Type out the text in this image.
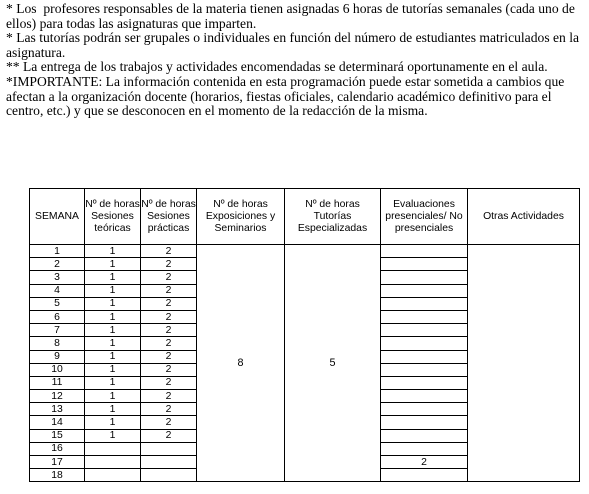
* Los  profesores responsables de la materia tienen asignadas 6 horas de tutorías semanales (cada uno de ellos) para todas las asignaturas que imparten.

* Las tutorías podrán ser grupales o individuales en función del número de estudiantes matriculados en la asignatura.

** La entrega de los trabajos y actividades encomendadas se determinará oportunamente en el aula.

*IMPORTANTE: La información contenida en esta programación puede estar sometida a cambios que afectan a la organización docente (horarios, fiestas oficiales, calendario académico definitivo para el centro, etc.) y que se desconocen en el momento de la redacción de la misma.

SEMANA	Nº de horas Sesiones teóricas	Nº de horas Sesiones prácticas	Nº de horas Exposiciones y Seminarios	Nº de horas Tutorías Especializadas	Evaluaciones presenciales/ No presenciales	Otras Actividades
1	1	2	8	5		
2	1	2				
3	1	2				
4	1	2				
5	1	2				
6	1	2				
7	1	2				
8	1	2				
9	1	2				
10	1	2				
11	1	2				
12	1	2				
13	1	2				
14	1	2				
15	1	2				
16						
17					2	
18						
